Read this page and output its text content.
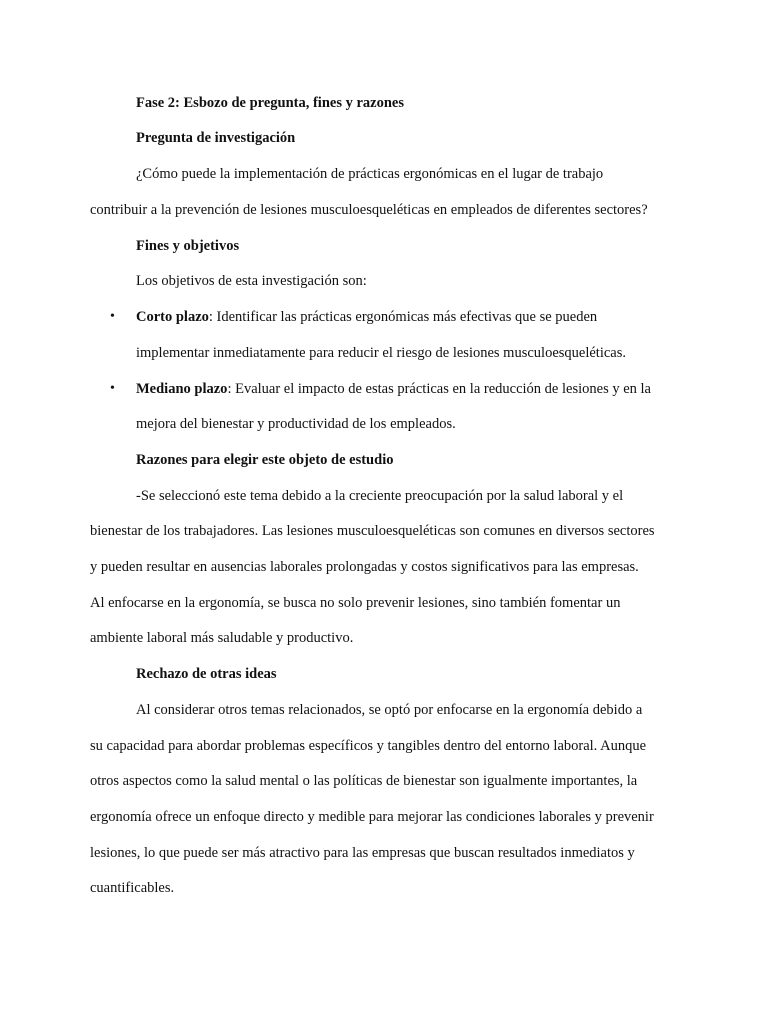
Fase 2: Esbozo de pregunta, fines y razones

Pregunta de investigación

¿Cómo puede la implementación de prácticas ergonómicas en el lugar de trabajo

contribuir a la prevención de lesiones musculoesqueléticas en empleados de diferentes sectores?

Fines y objetivos

Los objetivos de esta investigación son:

• Corto plazo: Identificar las prácticas ergonómicas más efectivas que se pueden

implementar inmediatamente para reducir el riesgo de lesiones musculoesqueléticas.

• Mediano plazo: Evaluar el impacto de estas prácticas en la reducción de lesiones y en la

mejora del bienestar y productividad de los empleados.

Razones para elegir este objeto de estudio

-Se seleccionó este tema debido a la creciente preocupación por la salud laboral y el

bienestar de los trabajadores. Las lesiones musculoesqueléticas son comunes en diversos sectores

y pueden resultar en ausencias laborales prolongadas y costos significativos para las empresas.

Al enfocarse en la ergonomía, se busca no solo prevenir lesiones, sino también fomentar un

ambiente laboral más saludable y productivo.

Rechazo de otras ideas

Al considerar otros temas relacionados, se optó por enfocarse en la ergonomía debido a

su capacidad para abordar problemas específicos y tangibles dentro del entorno laboral. Aunque

otros aspectos como la salud mental o las políticas de bienestar son igualmente importantes, la

ergonomía ofrece un enfoque directo y medible para mejorar las condiciones laborales y prevenir

lesiones, lo que puede ser más atractivo para las empresas que buscan resultados inmediatos y

cuantificables.
